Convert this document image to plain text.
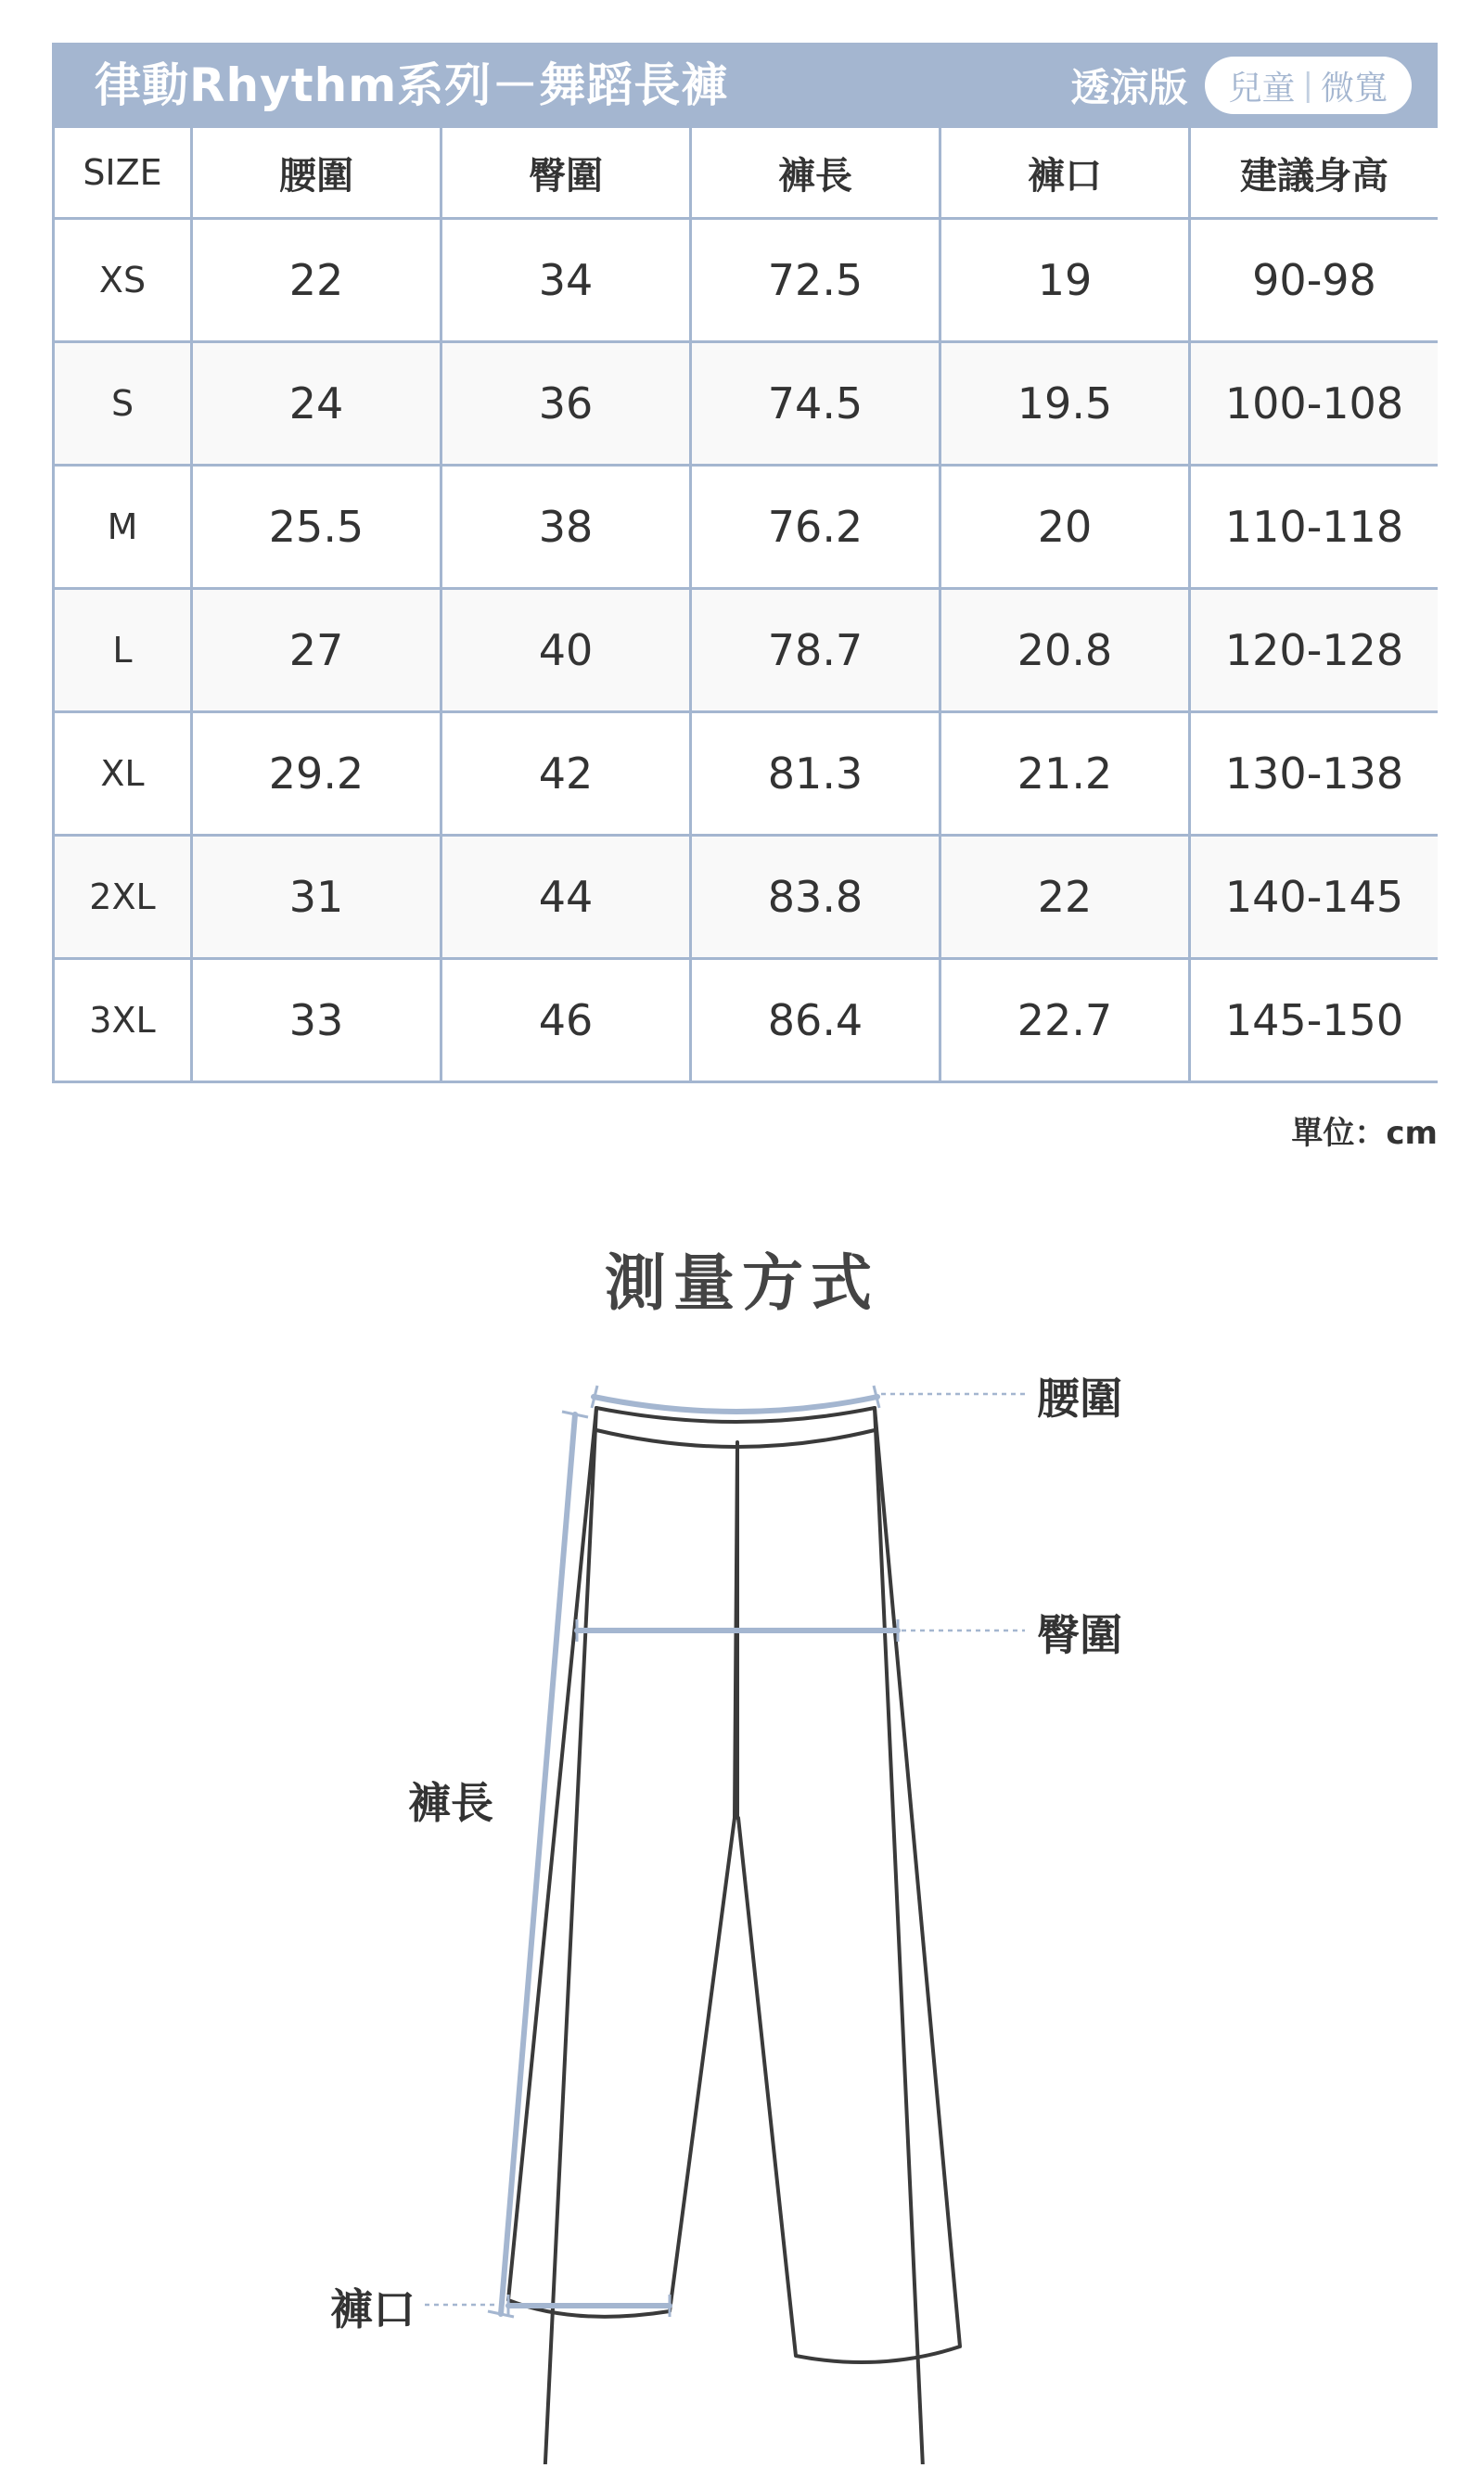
律動Rhythm系列－舞蹈長褲	透涼版 兒童 | 微寬
SIZE	腰圍	臀圍	褲長	褲口	建議身高
XS	22	34	72.5	19	90-98
S	24	36	74.5	19.5	100-108
M	25.5	38	76.2	20	110-118
L	27	40	78.7	20.8	120-128
XL	29.2	42	81.3	21.2	130-138
2XL	31	44	83.8	22	140-145
3XL	33	46	86.4	22.7	145-150
單位：cm
測量方式
腰圍
臀圍
褲長
褲口
